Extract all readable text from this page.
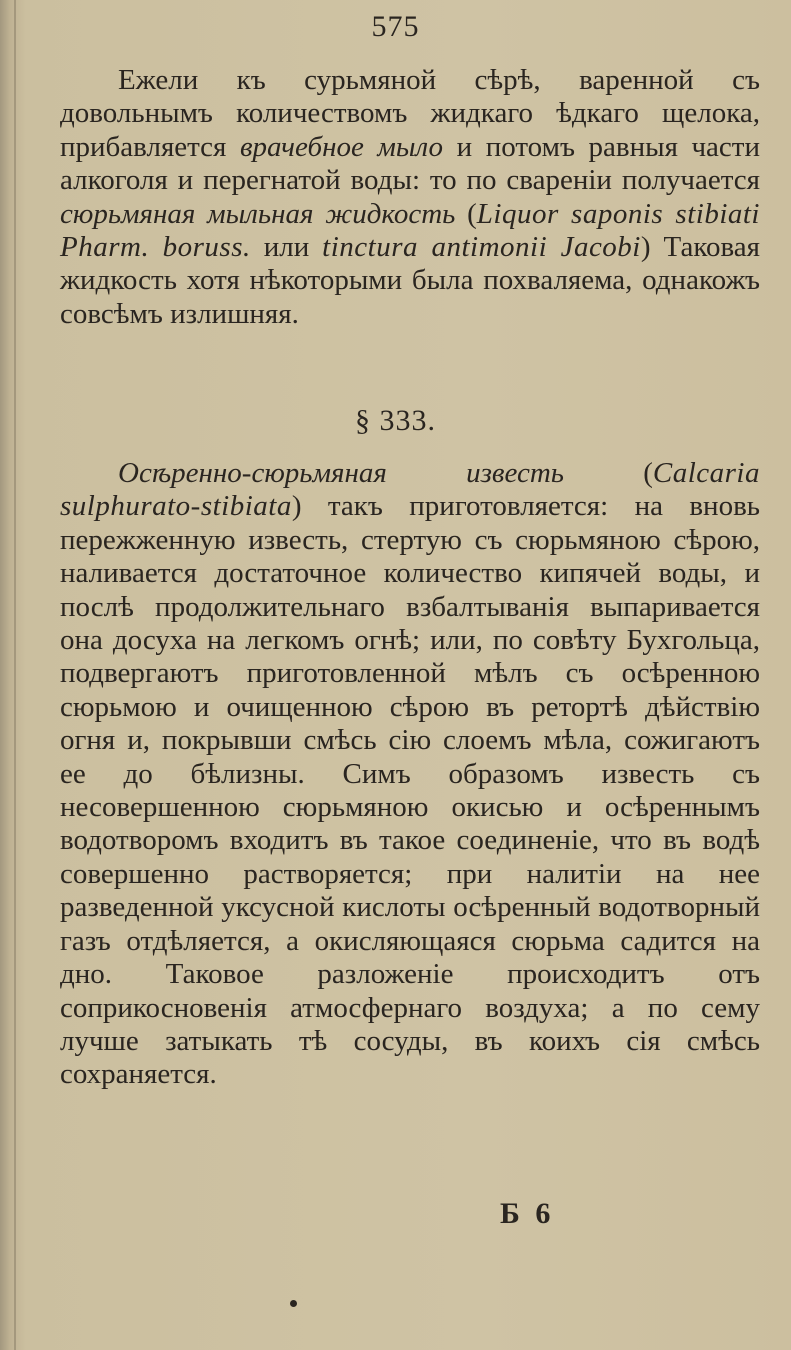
575
Ежели къ сурьмяной сѣрѣ, варенной съ довольнымъ количествомъ жидкаго ѣдкаго щелока, прибавляется врачебное мыло и потомъ равныя части алкоголя и перегнатой воды: то по свареніи получается сюрьмяная мыльная жидкость (Liquor saponis stibiati Pharm. boruss. или tinctura antimonii Jacobi) Таковая жидкость хотя нѣкоторыми была похваляема, однакожъ совсѣмъ излишняя.
§ 333.
Осѣренно-сюрьмяная известь (Calcaria sulphurato-stibiata) такъ приготовляется: на вновь пережженную известь, стертую съ сюрьмяною сѣрою, наливается достаточное количество кипячей воды, и послѣ продолжительнаго взбалтыванія выпаривается она досуха на легкомъ огнѣ; или, по совѣту Бухгольца, подвергаютъ приготовленной мѣлъ съ осѣренною сюрьмою и очищенною сѣрою въ ретортѣ дѣйствію огня и, покрывши смѣсь сію слоемъ мѣла, сожигаютъ ее до бѣлизны. Симъ образомъ известь съ несовершенною сюрьмяною окисью и осѣреннымъ водотворомъ входитъ въ такое соединеніе, что въ водѣ совершенно растворяется; при налитіи на нее разведенной уксусной кислоты осѣренный водотворный газъ отдѣляется, а окисляющаяся сюрьма садится на дно. Таковое разложеніе происходитъ отъ соприкосновенія атмосфернаго воздуха; а по сему лучше затыкать тѣ сосуды, въ коихъ сія смѣсь сохраняется.
Б 6
